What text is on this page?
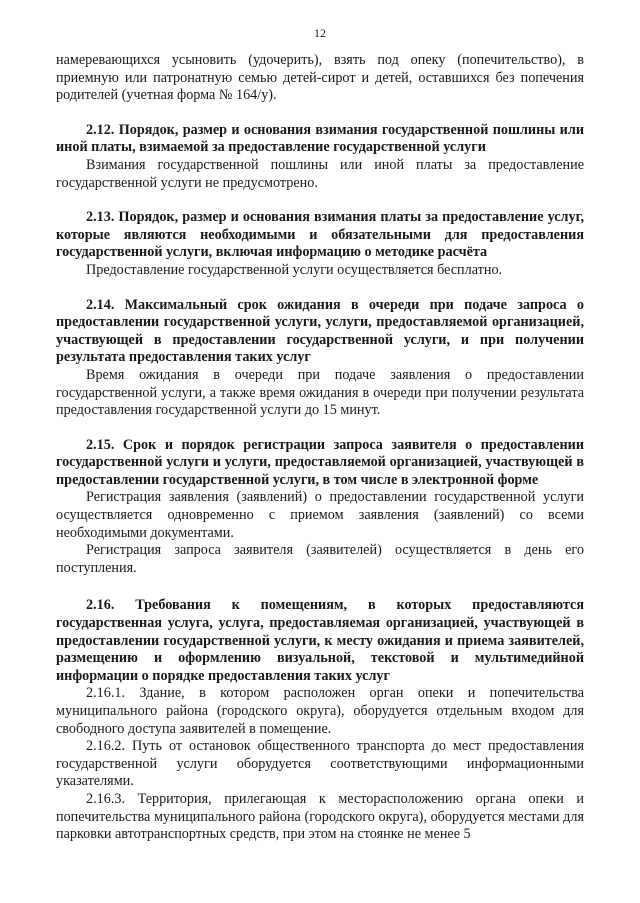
12

намеревающихся усыновить (удочерить), взять под опеку (попечительство), в приемную или патронатную семью детей-сирот и детей, оставшихся без попечения родителей (учетная форма № 164/у).

2.12. Порядок, размер и основания взимания государственной пошлины или иной платы, взимаемой за предоставление государственной услуги

Взимания государственной пошлины или иной платы за предоставление государственной услуги не предусмотрено.

2.13. Порядок, размер и основания взимания платы за предоставление услуг, которые являются необходимыми и обязательными для предоставления государственной услуги, включая информацию о методике расчёта

Предоставление государственной услуги осуществляется бесплатно.

2.14. Максимальный срок ожидания в очереди при подаче запроса о предоставлении государственной услуги, услуги, предоставляемой организацией, участвующей в предоставлении государственной услуги, и при получении результата предоставления таких услуг

Время ожидания в очереди при подаче заявления о предоставлении государственной услуги, а также время ожидания в очереди при получении результата предоставления государственной услуги до 15 минут.

2.15. Срок и порядок регистрации запроса заявителя о предоставлении государственной услуги и услуги, предоставляемой организацией, участвующей в предоставлении государственной услуги, в том числе в электронной форме

Регистрация заявления (заявлений) о предоставлении государственной услуги осуществляется одновременно с приемом заявления (заявлений) со всеми необходимыми документами.

Регистрация запроса заявителя (заявителей) осуществляется в день его поступления.

2.16. Требования к помещениям, в которых предоставляются государственная услуга, услуга, предоставляемая организацией, участвующей в предоставлении государственной услуги, к месту ожидания и приема заявителей, размещению и оформлению визуальной, текстовой и мультимедийной информации о порядке предоставления таких услуг

2.16.1. Здание, в котором расположен орган опеки и попечительства муниципального района (городского округа), оборудуется отдельным входом для свободного доступа заявителей в помещение.

2.16.2. Путь от остановок общественного транспорта до мест предоставления государственной услуги оборудуется соответствующими информационными указателями.

2.16.3. Территория, прилегающая к месторасположению органа опеки и попечительства муниципального района (городского округа), оборудуется местами для парковки автотранспортных средств, при этом на стоянке не менее 5
